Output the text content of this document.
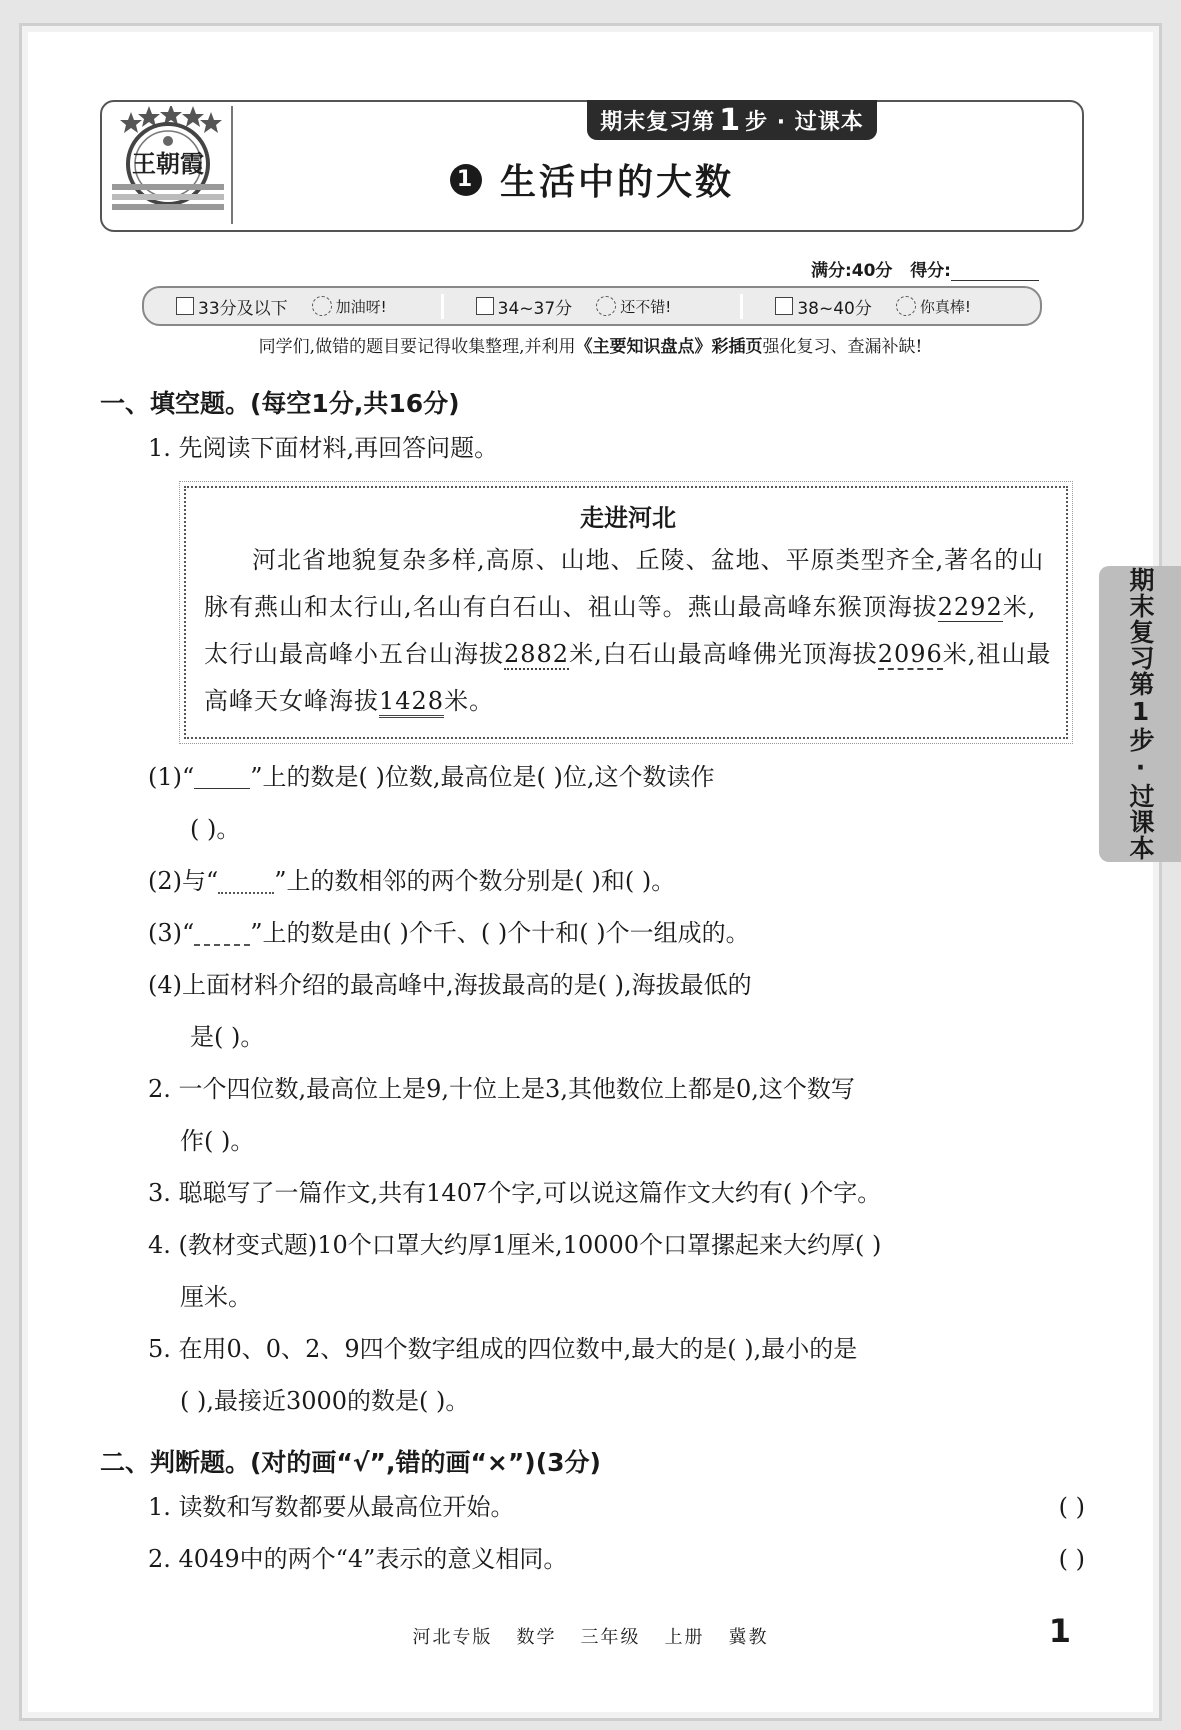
王朝霞
期末复习第 1 步 · 过课本
1 生活中的大数
满分:40分 得分:
33分及以下	加油呀!	34~37分	还不错!	38~40分	你真棒!
同学们,做错的题目要记得收集整理,并利用《主要知识盘点》彩插页强化复习、查漏补缺!

一、填空题。(每空1分,共16分)

1. 先阅读下面材料,再回答问题。

走进河北

河北省地貌复杂多样,高原、山地、丘陵、盆地、平原类型齐全,著名的山脉有燕山和太行山,名山有白石山、祖山等。燕山最高峰东猴顶海拔2292米,太行山最高峰小五台山海拔2882米,白石山最高峰佛光顶海拔2096米,祖山最高峰天女峰海拔1428米。

(1)“ ”上的数是( )位数,最高位是( )位,这个数读作

( )。

(2)与“ ”上的数相邻的两个数分别是( )和( )。

(3)“ ”上的数是由( )个千、( )个十和( )个一组成的。

(4)上面材料介绍的最高峰中,海拔最高的是( ),海拔最低的

是( )。

2. 一个四位数,最高位上是9,十位上是3,其他数位上都是0,这个数写

作( )。

3. 聪聪写了一篇作文,共有1407个字,可以说这篇作文大约有( )个字。

4. (教材变式题)10个口罩大约厚1厘米,10000个口罩摞起来大约厚( )

厘米。

5. 在用0、0、2、9四个数字组成的四位数中,最大的是( ),最小的是

( ),最接近3000的数是( )。

二、判断题。(对的画“√”,错的画“×”)(3分)

1. 读数和写数都要从最高位开始。	( )

2. 4049中的两个“4”表示的意义相同。	( )

期末复习第1步·过课本
河北专版 数学 三年级 上册 冀教	1
